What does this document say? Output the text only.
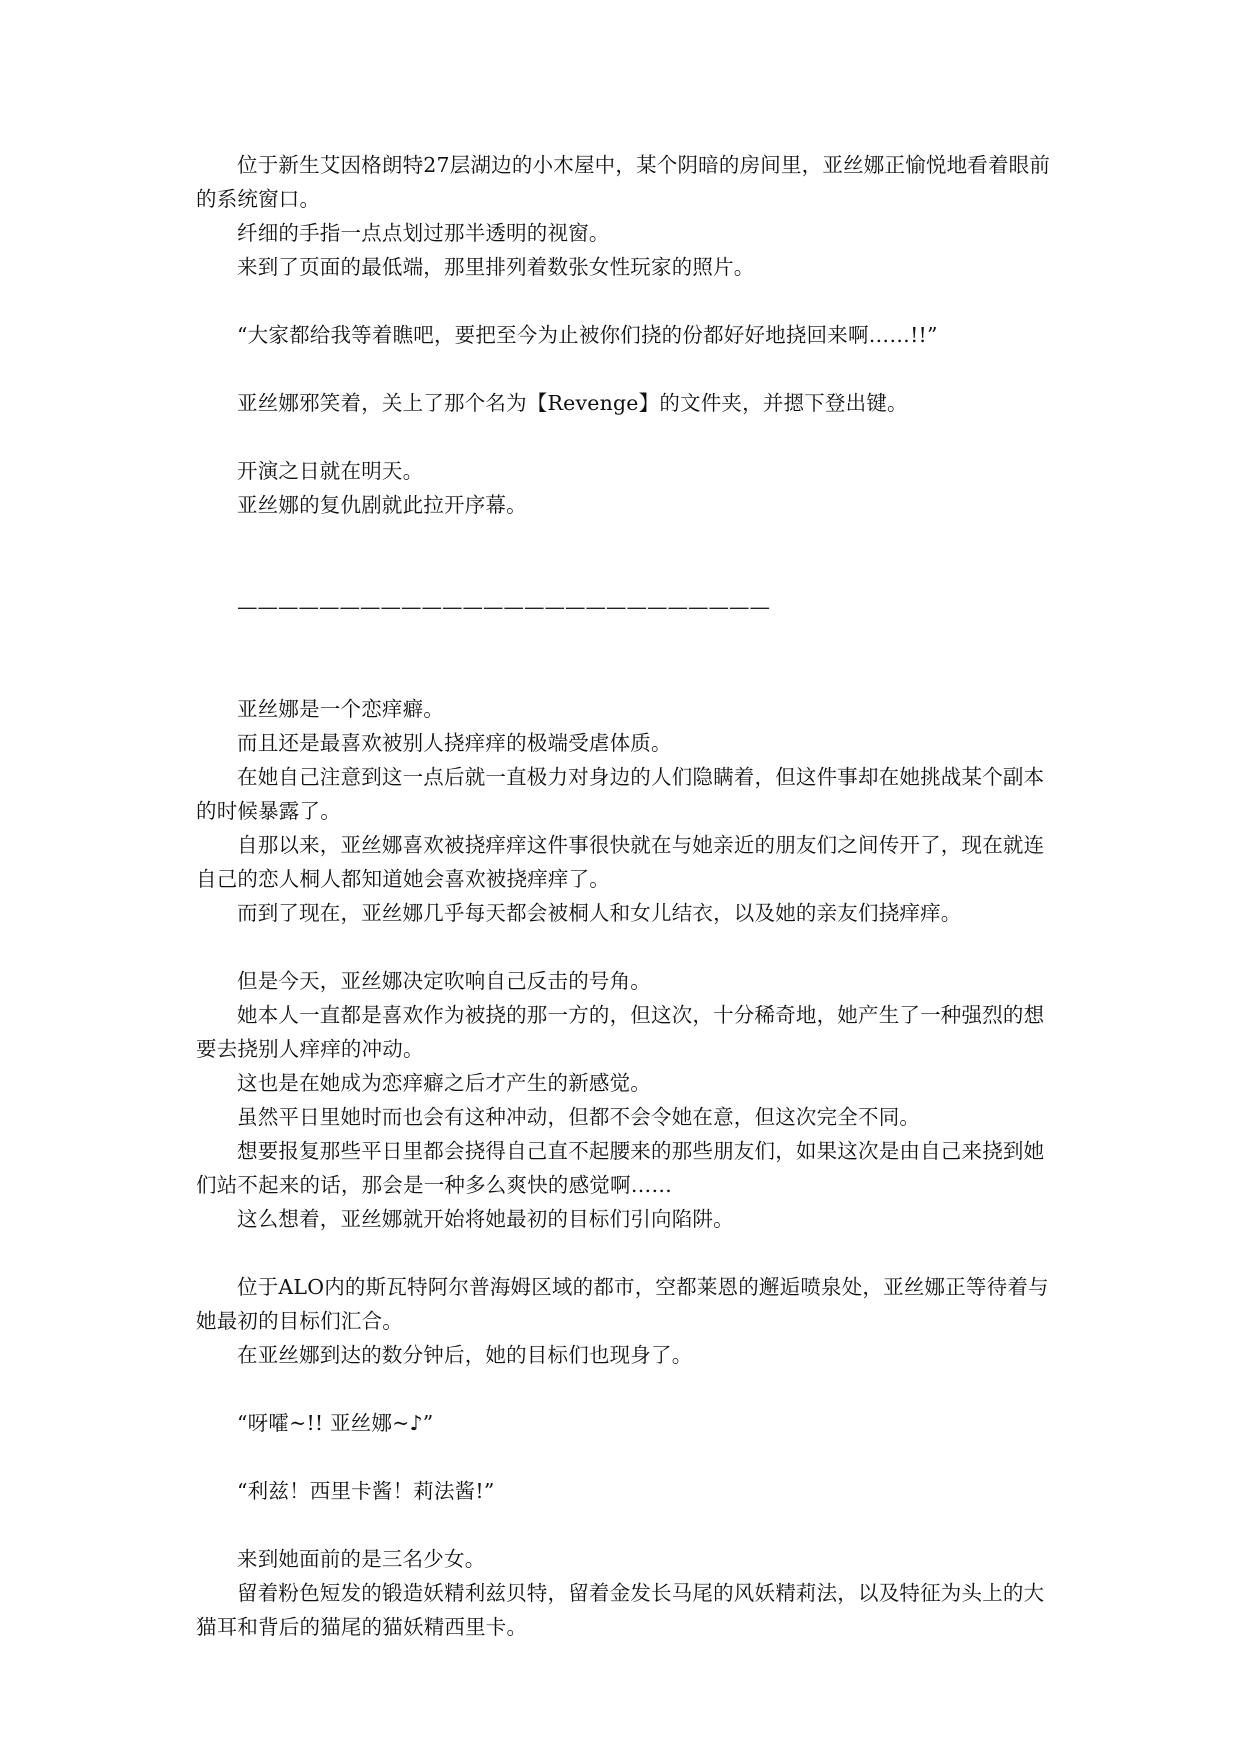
位于新生艾因格朗特27层湖边的小木屋中，某个阴暗的房间里，亚丝娜正愉悦地看着眼前的系统窗口。

纤细的手指一点点划过那半透明的视窗。

来到了页面的最低端，那里排列着数张女性玩家的照片。

“大家都给我等着瞧吧，要把至今为止被你们挠的份都好好地挠回来啊……!!”

亚丝娜邪笑着，关上了那个名为【Revenge】的文件夹，并摁下登出键。

开演之日就在明天。

亚丝娜的复仇剧就此拉开序幕。

——————————————————————————

亚丝娜是一个恋痒癖。

而且还是最喜欢被别人挠痒痒的极端受虐体质。

在她自己注意到这一点后就一直极力对身边的人们隐瞒着，但这件事却在她挑战某个副本的时候暴露了。

自那以来，亚丝娜喜欢被挠痒痒这件事很快就在与她亲近的朋友们之间传开了，现在就连自己的恋人桐人都知道她会喜欢被挠痒痒了。

而到了现在，亚丝娜几乎每天都会被桐人和女儿结衣，以及她的亲友们挠痒痒。

但是今天，亚丝娜决定吹响自己反击的号角。

她本人一直都是喜欢作为被挠的那一方的，但这次，十分稀奇地，她产生了一种强烈的想要去挠别人痒痒的冲动。

这也是在她成为恋痒癖之后才产生的新感觉。

虽然平日里她时而也会有这种冲动，但都不会令她在意，但这次完全不同。

想要报复那些平日里都会挠得自己直不起腰来的那些朋友们，如果这次是由自己来挠到她们站不起来的话，那会是一种多么爽快的感觉啊……

这么想着，亚丝娜就开始将她最初的目标们引向陷阱。

位于ALO内的斯瓦特阿尔普海姆区域的都市，空都莱恩的邂逅喷泉处，亚丝娜正等待着与她最初的目标们汇合。

在亚丝娜到达的数分钟后，她的目标们也现身了。

“呀嚯~!! 亚丝娜~♪”

“利兹！西里卡酱！莉法酱!”

来到她面前的是三名少女。

留着粉色短发的锻造妖精利兹贝特，留着金发长马尾的风妖精莉法，以及特征为头上的大猫耳和背后的猫尾的猫妖精西里卡。
